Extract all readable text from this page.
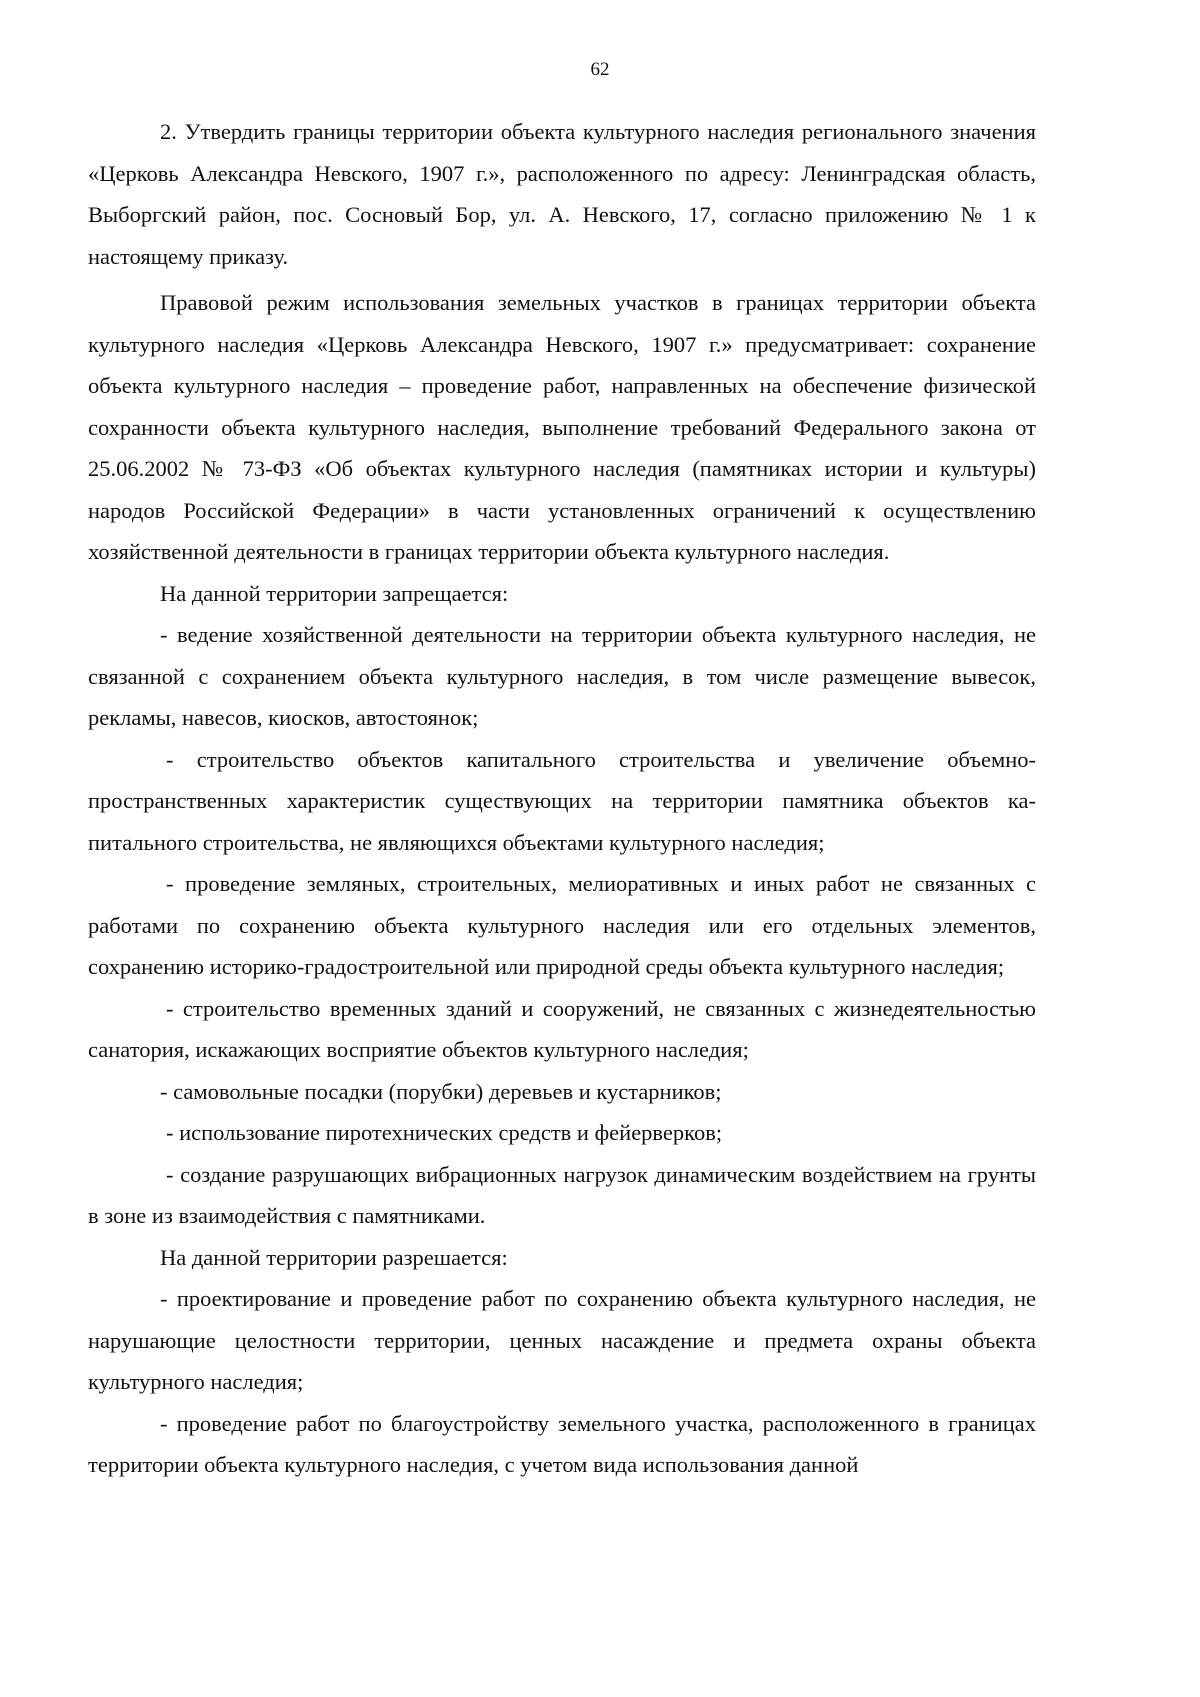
62

2. Утвердить границы территории объекта культурного наследия регионального значения «Церковь Александра Невского, 1907 г.», расположенного по адресу: Ленинградская область, Выборгский район, пос. Сосновый Бор, ул. А. Невского, 17, согласно приложению № 1 к настоящему приказу.

Правовой режим использования земельных участков в границах территории объекта культурного наследия «Церковь Александра Невского, 1907 г.» предусматривает: сохранение объекта культурного наследия – проведение работ, направленных на обеспечение физической сохранности объекта культурного наследия, выполнение требований Федерального закона от 25.06.2002 № 73-ФЗ «Об объектах культурного наследия (памятниках истории и культуры) народов Российской Федерации» в части установленных ограничений к осуществлению хозяйственной деятельности в границах территории объекта культурного наследия.

На данной территории запрещается:

- ведение хозяйственной деятельности на территории объекта культурного наследия, не связанной с сохранением объекта культурного наследия, в том числе размещение вывесок, рекламы, навесов, киосков, автостоянок;

- строительство объектов капитального строительства и увеличение объемно-пространственных характеристик существующих на территории памятника объектов капитального строительства, не являющихся объектами культурного наследия;

- проведение земляных, строительных, мелиоративных и иных работ не связанных с работами по сохранению объекта культурного наследия или его отдельных элементов, сохранению историко-градостроительной или природной среды объекта культурного наследия;

- строительство временных зданий и сооружений, не связанных с жизнедеятельностью санатория, искажающих восприятие объектов культурного наследия;

- самовольные посадки (порубки) деревьев и кустарников;

- использование пиротехнических средств и фейерверков;

- создание разрушающих вибрационных нагрузок динамическим воздействием на грунты в зоне из взаимодействия с памятниками.

На данной территории разрешается:

- проектирование и проведение работ по сохранению объекта культурного наследия, не нарушающие целостности территории, ценных насаждение и предмета охраны объекта культурного наследия;

- проведение работ по благоустройству земельного участка, расположенного в границах территории объекта культурного наследия, с учетом вида использования данной
